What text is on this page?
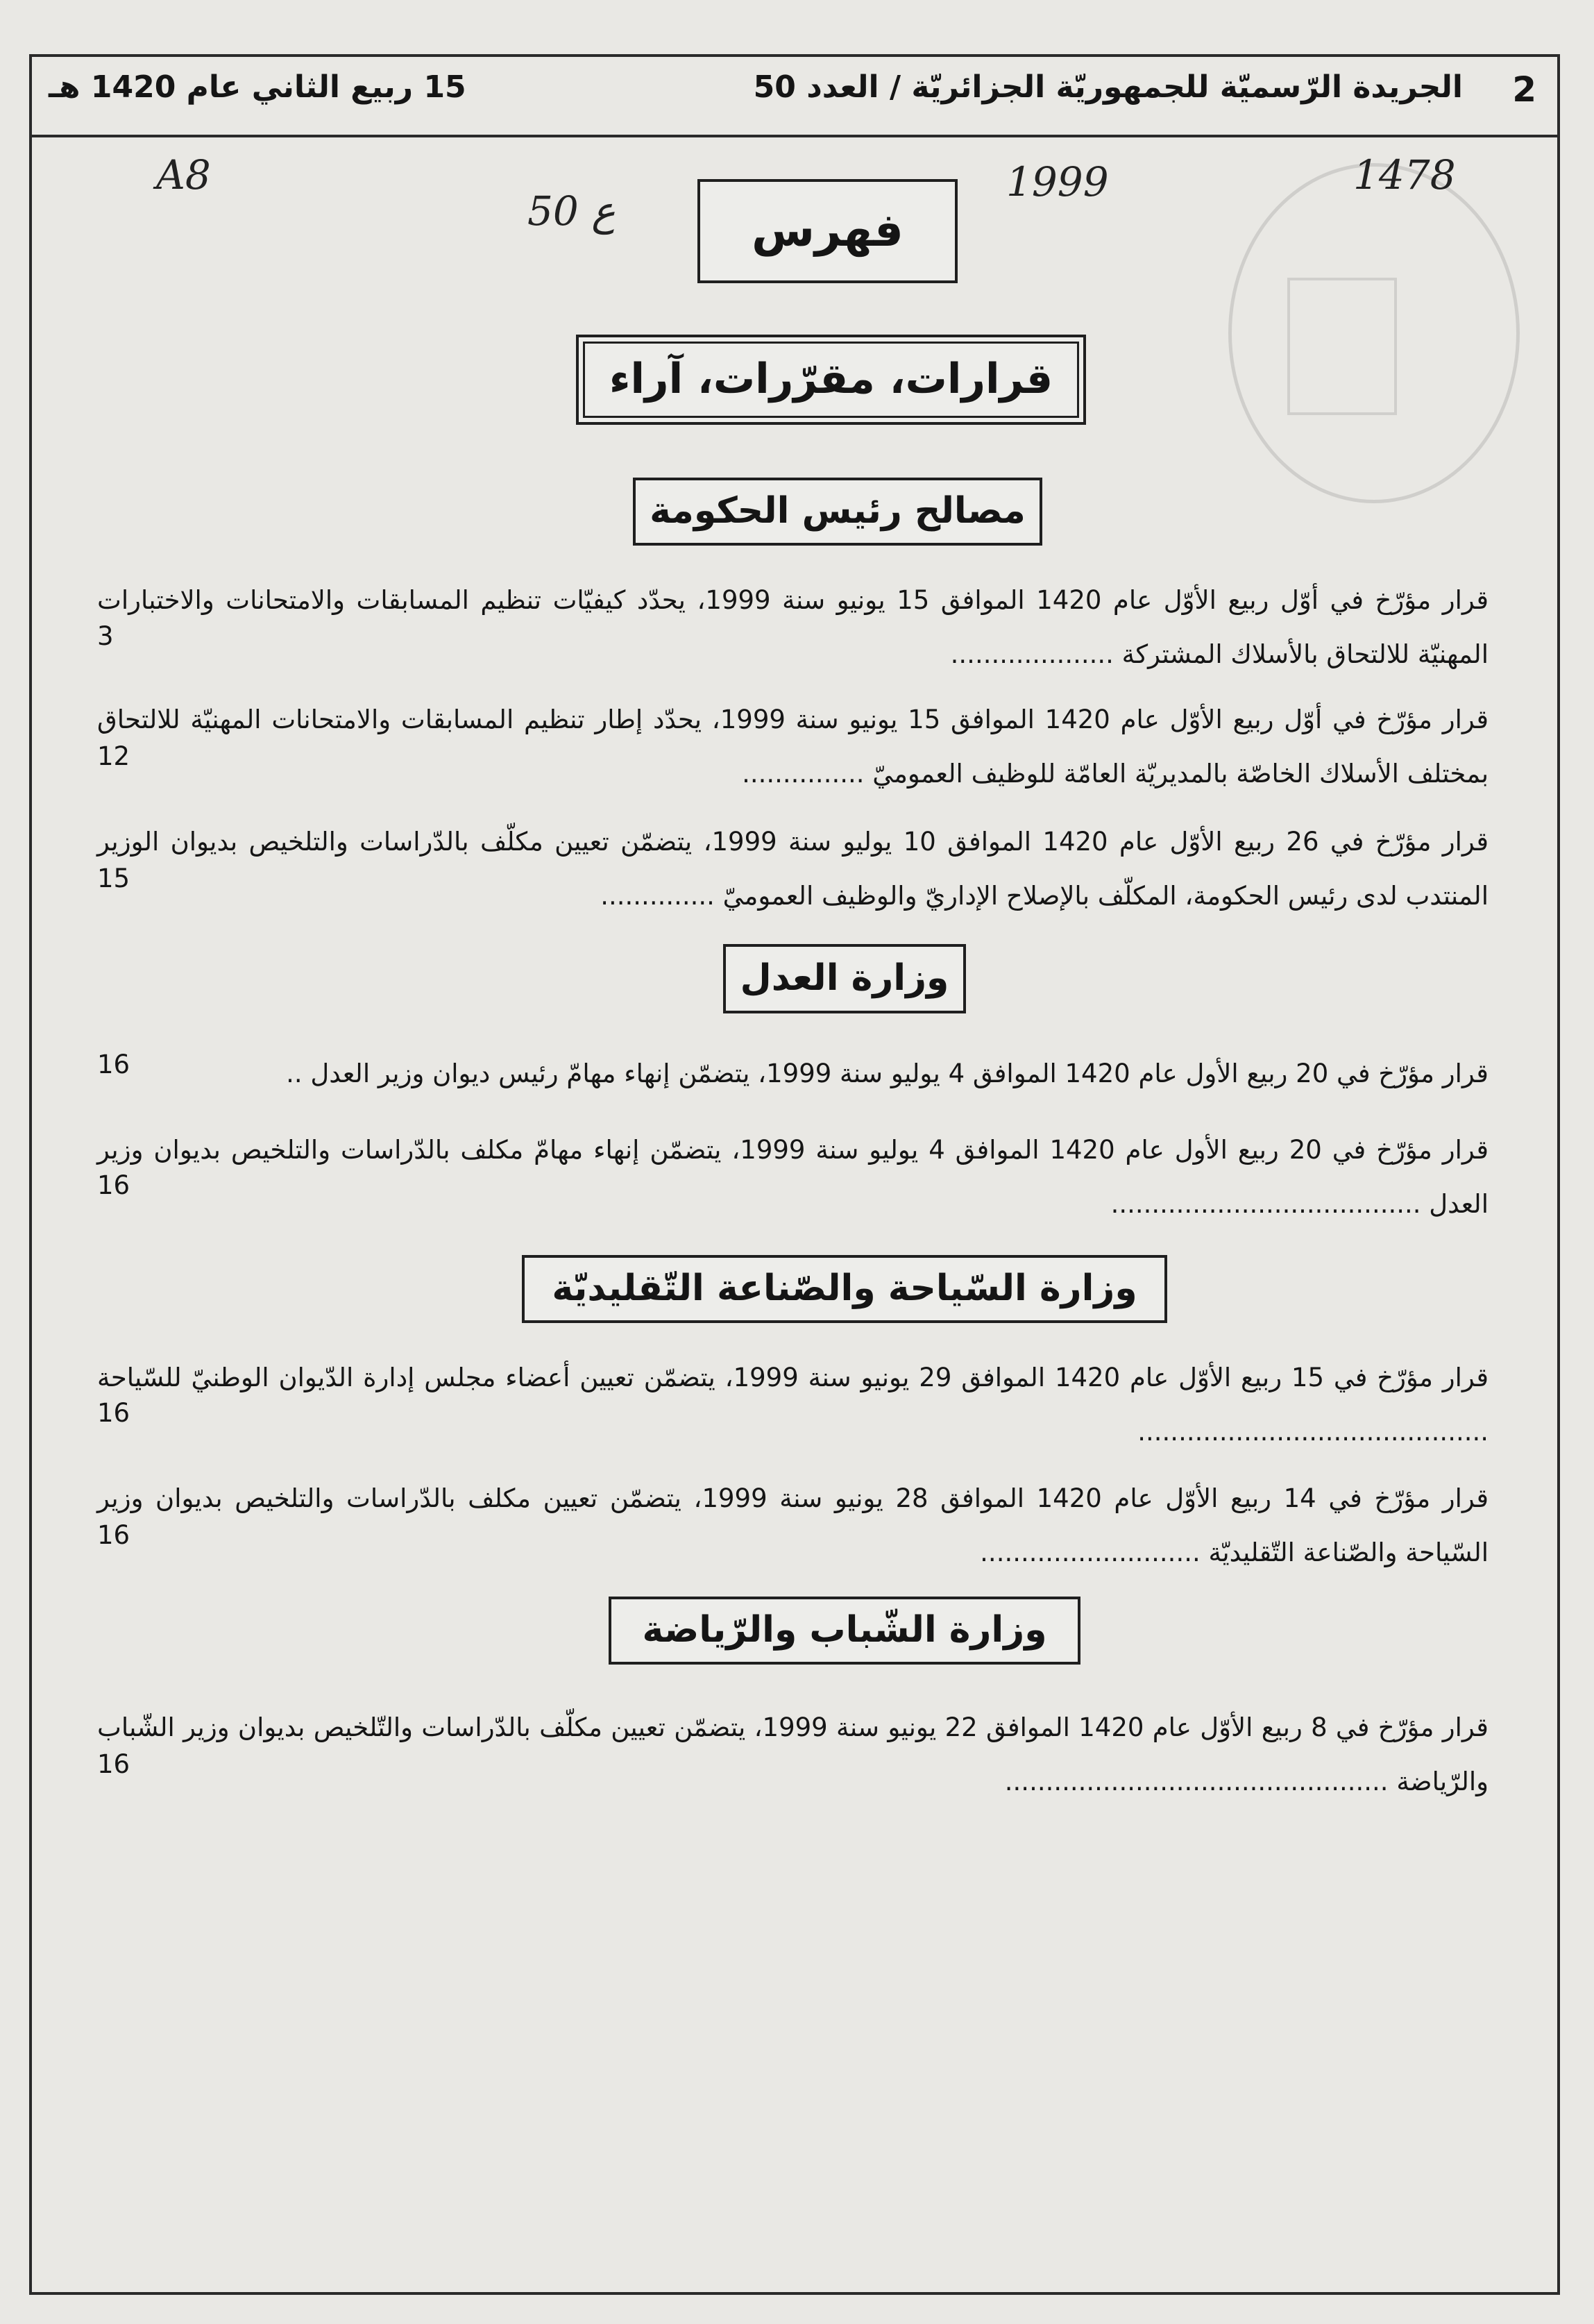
2
الجريدة الرّسميّة للجمهوريّة الجزائريّة / العدد 50
15 ربيع الثاني عام 1420 هـ
A8
ع 50
1999	1478
فهرس
قرارات، مقرّرات، آراء
مصالح رئيس الحكومة
قرار مؤرّخ في أوّل ربيع الأوّل عام 1420 الموافق 15 يونيو سنة 1999، يحدّد كيفيّات تنظيم المسابقات والامتحانات والاختبارات المهنيّة للالتحاق بالأسلاك المشتركة ....................
3
قرار مؤرّخ في أوّل ربيع الأوّل عام 1420 الموافق 15 يونيو سنة 1999، يحدّد إطار تنظيم المسابقات والامتحانات المهنيّة للالتحاق بمختلف الأسلاك الخاصّة بالمديريّة العامّة للوظيف العموميّ ...............
12
قرار مؤرّخ في 26 ربيع الأوّل عام 1420 الموافق 10 يوليو سنة 1999، يتضمّن تعيين مكلّف بالدّراسات والتلخيص بديوان الوزير المنتدب لدى رئيس الحكومة، المكلّف بالإصلاح الإداريّ والوظيف العموميّ ..............
15
وزارة العدل
قرار مؤرّخ في 20 ربيع الأول عام 1420 الموافق 4 يوليو سنة 1999، يتضمّن إنهاء مهامّ رئيس ديوان وزير العدل ..
16
قرار مؤرّخ في 20 ربيع الأول عام 1420 الموافق 4 يوليو سنة 1999، يتضمّن إنهاء مهامّ مكلف بالدّراسات والتلخيص بديوان وزير العدل ......................................
16
وزارة السّياحة والصّناعة التّقليديّة
قرار مؤرّخ في 15 ربيع الأوّل عام 1420 الموافق 29 يونيو سنة 1999، يتضمّن تعيين أعضاء مجلس إدارة الدّيوان الوطنيّ للسّياحة ...........................................
16
قرار مؤرّخ في 14 ربيع الأوّل عام 1420 الموافق 28 يونيو سنة 1999، يتضمّن تعيين مكلف بالدّراسات والتلخيص بديوان وزير السّياحة والصّناعة التّقليديّة ...........................
16
وزارة الشّباب والرّياضة
قرار مؤرّخ في 8 ربيع الأوّل عام 1420 الموافق 22 يونيو سنة 1999، يتضمّن تعيين مكلّف بالدّراسات والتّلخيص بديوان وزير الشّباب والرّياضة ...............................................
16
